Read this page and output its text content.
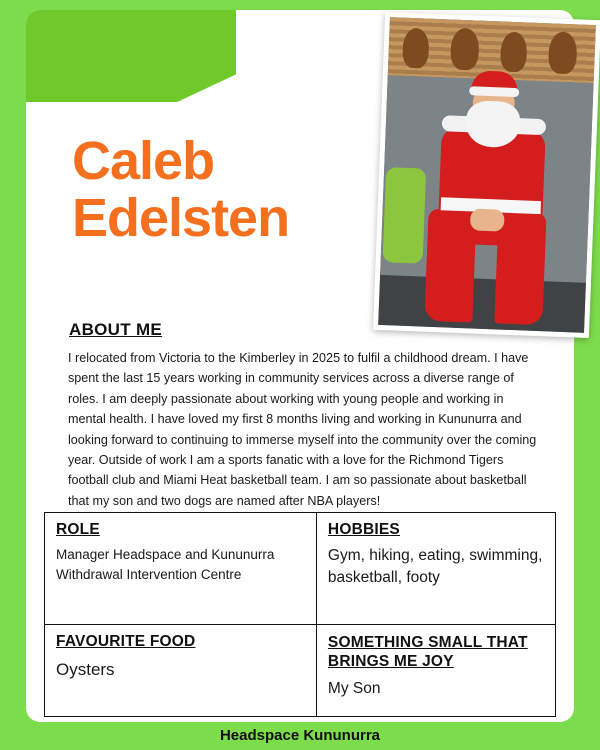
Caleb
Edelsten
ABOUT ME
I relocated from Victoria to the Kimberley in 2025 to fulfil a childhood dream. I have spent the last 15 years working in community services across a diverse range of roles. I am deeply passionate about working with young people and working in mental health. I have loved my first 8 months living and working in Kununurra and looking forward to continuing to immerse myself into the community over the coming year. Outside of work I am a sports fanatic with a love for the Richmond Tigers football club and Miami Heat basketball team. I am so passionate about basketball that my son and two dogs are named after NBA players!
ROLE
Manager Headspace and Kununurra Withdrawal Intervention Centre
HOBBIES
Gym, hiking, eating, swimming, basketball, footy
FAVOURITE FOOD
Oysters
SOMETHING SMALL THAT BRINGS ME JOY
My Son
Headspace Kununurra
